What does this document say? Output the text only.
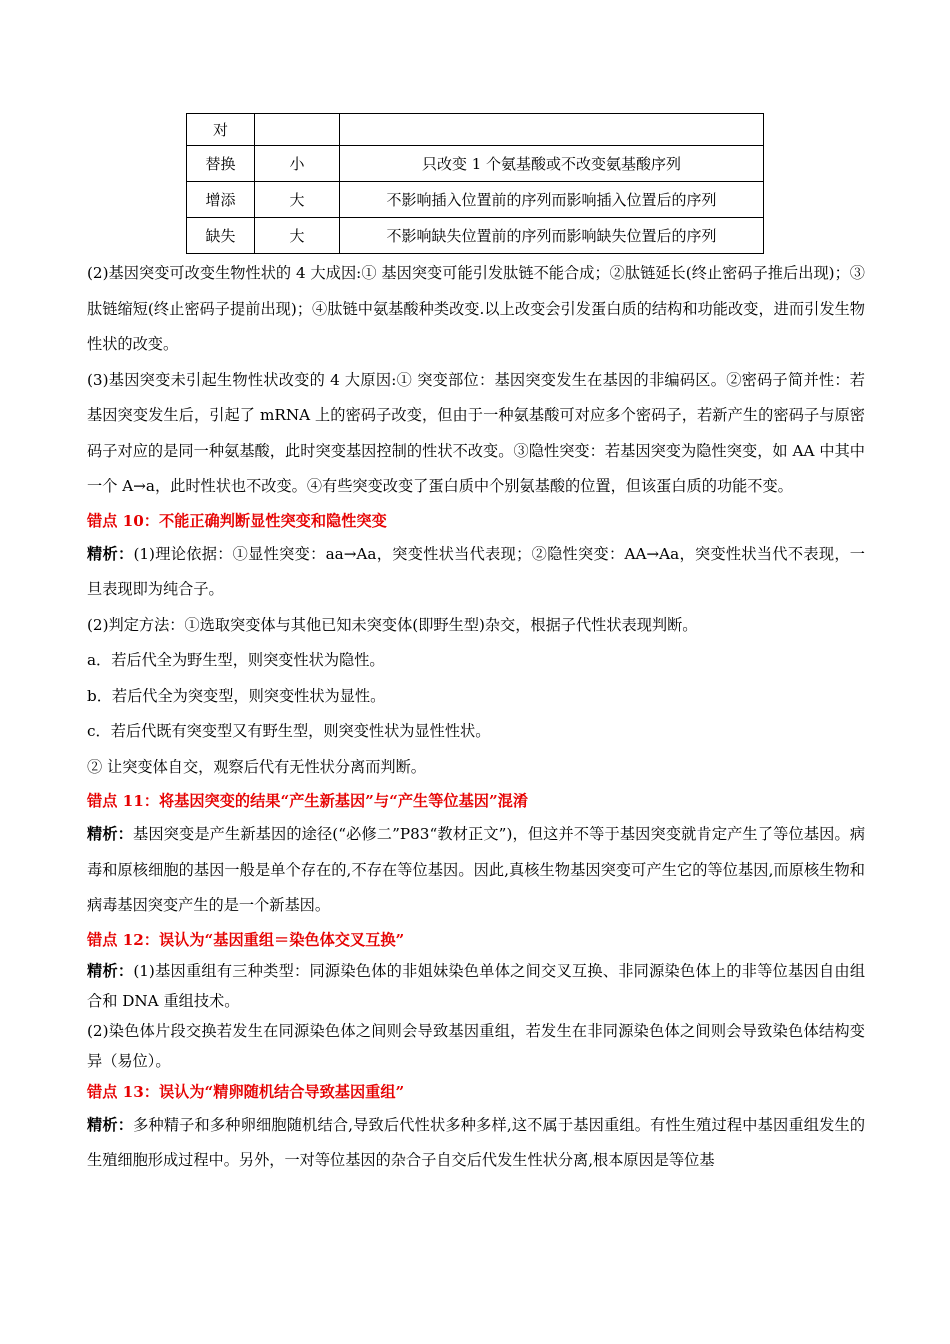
对		
替换	小	只改变 1 个氨基酸或不改变氨基酸序列
增添	大	不影响插入位置前的序列而影响插入位置后的序列
缺失	大	不影响缺失位置前的序列而影响缺失位置后的序列

(2)基因突变可改变生物性状的 4 大成因:① 基因突变可能引发肽链不能合成；②肽链延长(终止密码子推后出现)；③肽链缩短(终止密码子提前出现)；④肽链中氨基酸种类改变.以上改变会引发蛋白质的结构和功能改变，进而引发生物性状的改变。

(3)基因突变未引起生物性状改变的 4 大原因:① 突变部位：基因突变发生在基因的非编码区。②密码子简并性：若基因突变发生后，引起了 mRNA 上的密码子改变，但由于一种氨基酸可对应多个密码子，若新产生的密码子与原密码子对应的是同一种氨基酸，此时突变基因控制的性状不改变。③隐性突变：若基因突变为隐性突变，如 AA 中其中一个 A→a，此时性状也不改变。④有些突变改变了蛋白质中个别氨基酸的位置，但该蛋白质的功能不变。

错点 10：不能正确判断显性突变和隐性突变

精析：(1)理论依据：①显性突变：aa→Aa，突变性状当代表现；②隐性突变：AA→Aa，突变性状当代不表现，一旦表现即为纯合子。

(2)判定方法：①选取突变体与其他已知未突变体(即野生型)杂交，根据子代性状表现判断。

a．若后代全为野生型，则突变性状为隐性。

b．若后代全为突变型，则突变性状为显性。

c．若后代既有突变型又有野生型，则突变性状为显性性状。

② 让突变体自交，观察后代有无性状分离而判断。

错点 11：将基因突变的结果“产生新基因”与“产生等位基因”混淆

精析：基因突变是产生新基因的途径(“必修二”P83“教材正文”)，但这并不等于基因突变就肯定产生了等位基因。病毒和原核细胞的基因一般是单个存在的,不存在等位基因。因此,真核生物基因突变可产生它的等位基因,而原核生物和病毒基因突变产生的是一个新基因。

错点 12：误认为“基因重组＝染色体交叉互换”

精析：(1)基因重组有三种类型：同源染色体的非姐妹染色单体之间交叉互换、非同源染色体上的非等位基因自由组合和 DNA 重组技术。

(2)染色体片段交换若发生在同源染色体之间则会导致基因重组，若发生在非同源染色体之间则会导致染色体结构变异（易位）。

错点 13：误认为“精卵随机结合导致基因重组”

精析：多种精子和多种卵细胞随机结合,导致后代性状多种多样,这不属于基因重组。有性生殖过程中基因重组发生的生殖细胞形成过程中。另外，一对等位基因的杂合子自交后代发生性状分离,根本原因是等位基
